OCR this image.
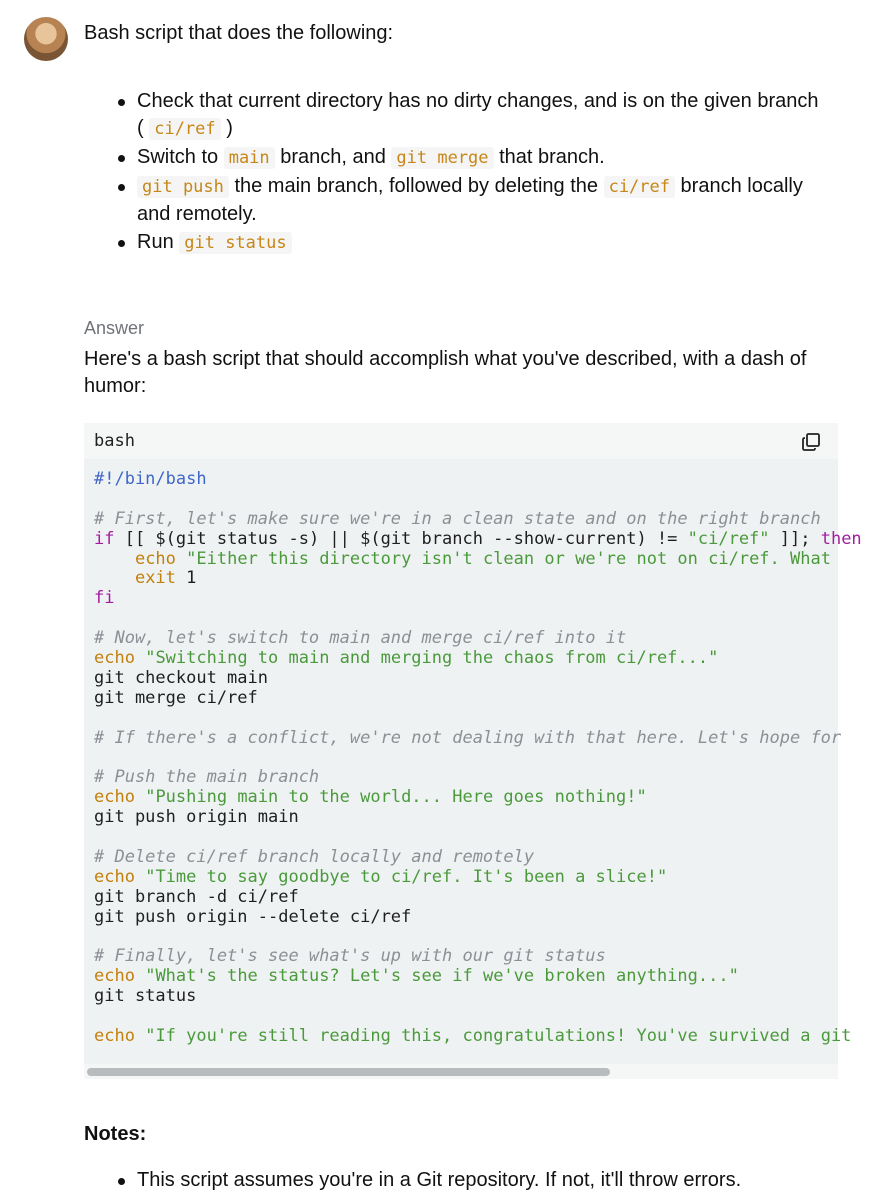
Bash script that does the following:
Check that current directory has no dirty changes, and is on the given branch ( ci/ref )
Switch to main branch, and git merge that branch.
git push the main branch, followed by deleting the ci/ref branch locally and remotely.
Run git status
Answer
Here's a bash script that should accomplish what you've described, with a dash of humor:
bash
#!/bin/bash

# First, let's make sure we're in a clean state and on the right branch
if [[ $(git status -s) || $(git branch --show-current) != "ci/ref" ]]; then
echo "Either this directory isn't clean or we're not on ci/ref. What
exit 1
fi

# Now, let's switch to main and merge ci/ref into it
echo "Switching to main and merging the chaos from ci/ref..."
git checkout main
git merge ci/ref

# If there's a conflict, we're not dealing with that here. Let's hope for

# Push the main branch
echo "Pushing main to the world... Here goes nothing!"
git push origin main

# Delete ci/ref branch locally and remotely
echo "Time to say goodbye to ci/ref. It's been a slice!"
git branch -d ci/ref
git push origin --delete ci/ref

# Finally, let's see what's up with our git status
echo "What's the status? Let's see if we've broken anything..."
git status

echo "If you're still reading this, congratulations! You've survived a git
Notes:
This script assumes you're in a Git repository. If not, it'll throw errors.
